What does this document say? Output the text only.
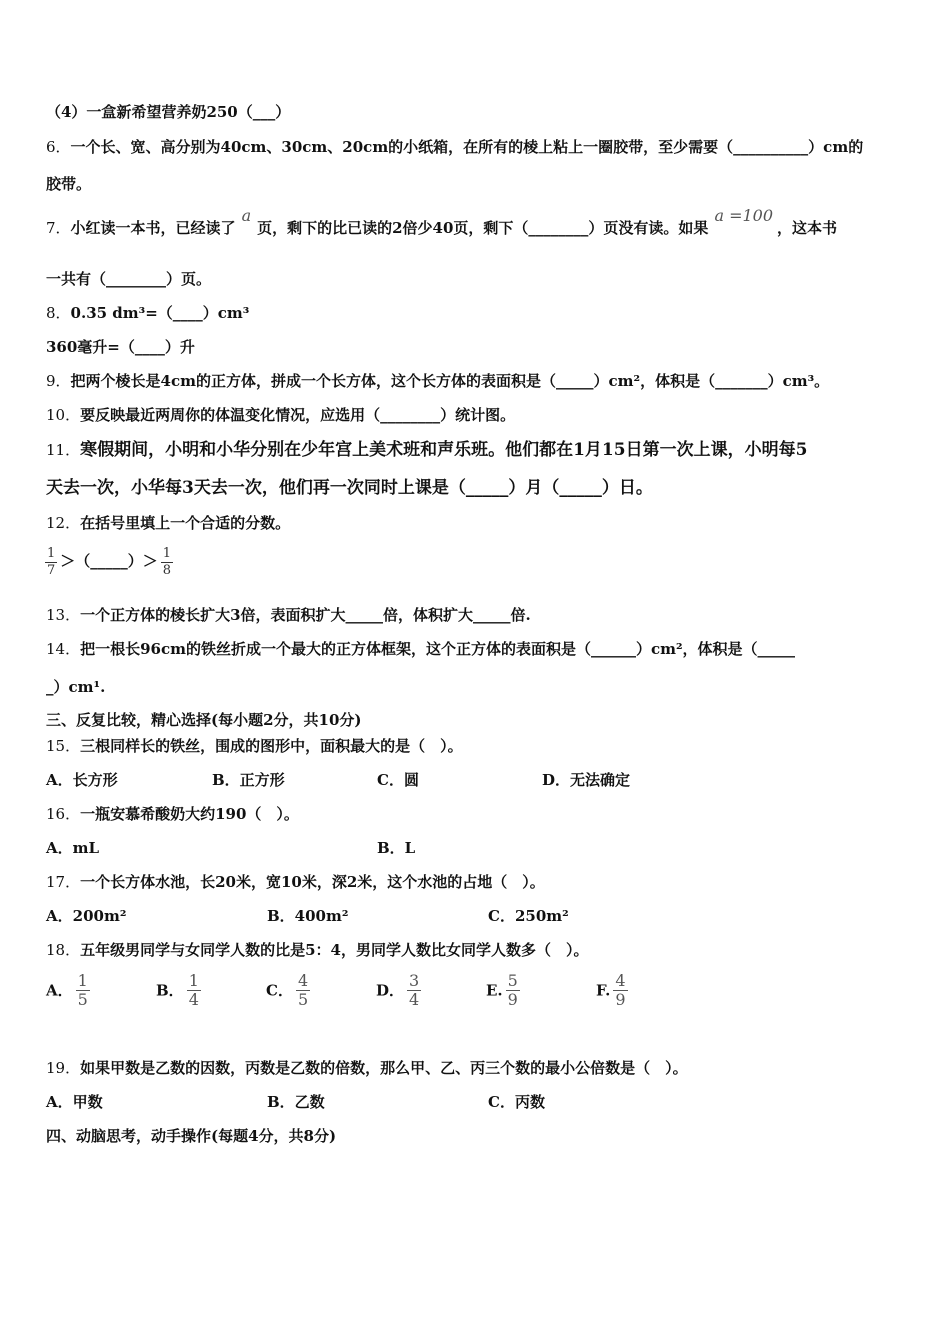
（4）一盒新希望营养奶250（___）
6．一个长、宽、高分别为40cm、30cm、20cm的小纸箱，在所有的棱上粘上一圈胶带，至少需要（__________）cm的
胶带。
7．小红读一本书，已经读了a页，剩下的比已读的2倍少40页，剩下（________）页没有读。如果a =100，这本书
一共有（________）页。
8．0.35 dm³=（____）cm³
360毫升=（____）升
9．把两个棱长是4cm的正方体，拼成一个长方体，这个长方体的表面积是（_____）cm²，体积是（_______）cm³。
10．要反映最近两周你的体温变化情况，应选用（________）统计图。
11．寒假期间，小明和小华分别在少年宫上美术班和声乐班。他们都在1月15日第一次上课，小明每5
天去一次，小华每3天去一次，他们再一次同时上课是（_____）月（_____）日。
12．在括号里填上一个合适的分数。
$\frac{1}{7}$ ＞（_____）＞ $\frac{1}{8}$
13．一个正方体的棱长扩大3倍，表面积扩大_____倍，体积扩大_____倍.
14．把一根长96cm的铁丝折成一个最大的正方体框架，这个正方体的表面积是（______）cm²，体积是（_____
_）cm¹.
三、反复比较，精心选择(每小题2分，共10分)
15．三根同样长的铁丝，围成的图形中，面积最大的是（　）。
A．长方形	B．正方形	C．圆	D．无法确定
16．一瓶安慕希酸奶大约190（　）。
A．mL	B．L
17．一个长方体水池，长20米，宽10米，深2米，这个水池的占地（　）。
A．200m²	B．400m²	C．250m²
18．五年级男同学与女同学人数的比是5：4，男同学人数比女同学人数多（　）。
A． $\frac{1}{5}$	B． $\frac{1}{4}$	C． $\frac{4}{5}$	D． $\frac{3}{4}$	E. $\frac{5}{9}$	F. $\frac{4}{9}$
19．如果甲数是乙数的因数，丙数是乙数的倍数，那么甲、乙、丙三个数的最小公倍数是（　）。
A．甲数	B．乙数	C．丙数
四、动脑思考，动手操作(每题4分，共8分)
